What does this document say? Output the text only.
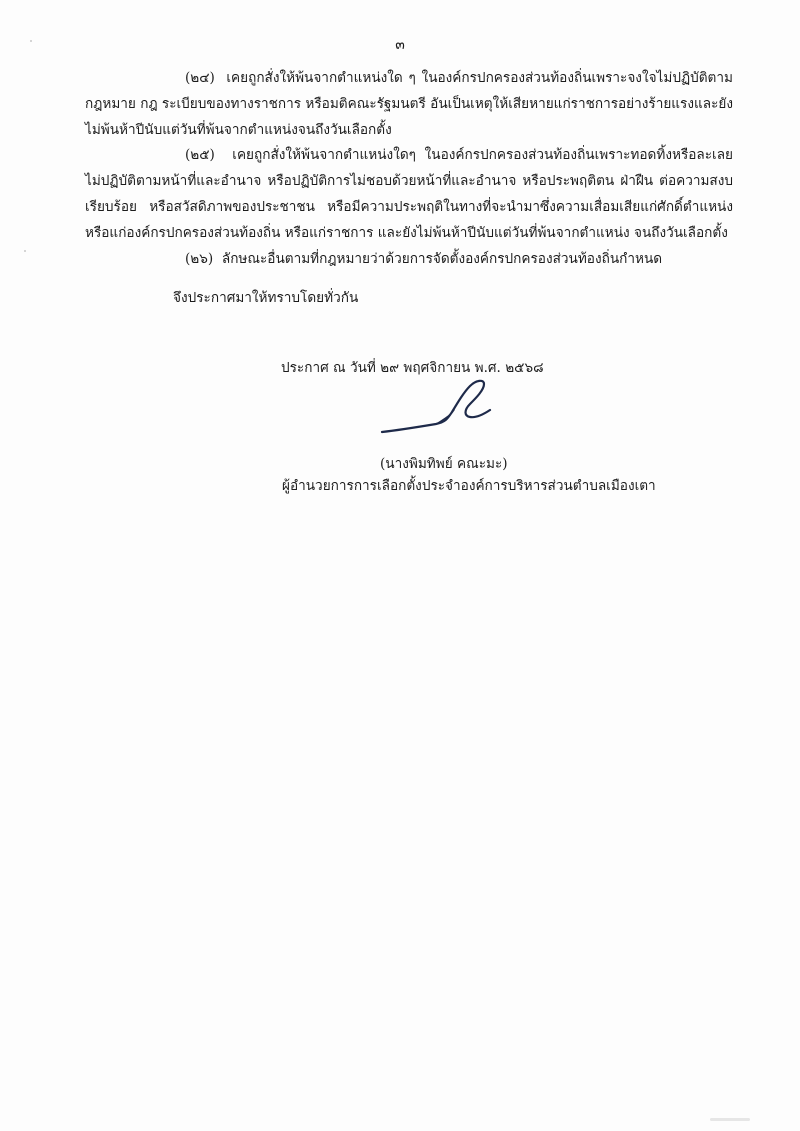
๓

(๒๔) เคยถูกสั่งให้พ้นจากตำแหน่งใด ๆ ในองค์กรปกครองส่วนท้องถิ่นเพราะจงใจไม่ปฏิบัติตามกฎหมาย กฎ ระเบียบของทางราชการ หรือมติคณะรัฐมนตรี อันเป็นเหตุให้เสียหายแก่ราชการอย่างร้ายแรงและยังไม่พ้นห้าปีนับแต่วันที่พ้นจากตำแหน่งจนถึงวันเลือกตั้ง

(๒๕) เคยถูกสั่งให้พ้นจากตำแหน่งใดๆ ในองค์กรปกครองส่วนท้องถิ่นเพราะทอดทิ้งหรือละเลยไม่ปฏิบัติตามหน้าที่และอำนาจ หรือปฏิบัติการไม่ชอบด้วยหน้าที่และอำนาจ หรือประพฤติตน ฝ่าฝืน ต่อความสงบเรียบร้อย หรือสวัสดิภาพของประชาชน หรือมีความประพฤติในทางที่จะนำมาซึ่งความเสื่อมเสียแก่ศักดิ์ตำแหน่งหรือแก่องค์กรปกครองส่วนท้องถิ่น หรือแก่ราชการ และยังไม่พ้นห้าปีนับแต่วันที่พ้นจากตำแหน่ง จนถึงวันเลือกตั้ง

(๒๖) ลักษณะอื่นตามที่กฎหมายว่าด้วยการจัดตั้งองค์กรปกครองส่วนท้องถิ่นกำหนด

จึงประกาศมาให้ทราบโดยทั่วกัน
ประกาศ ณ วันที่ ๒๙ พฤศจิกายน พ.ศ. ๒๕๖๘
(นางพิมทิพย์ คณะมะ)
ผู้อำนวยการการเลือกตั้งประจำองค์การบริหารส่วนตำบลเมืองเตา
